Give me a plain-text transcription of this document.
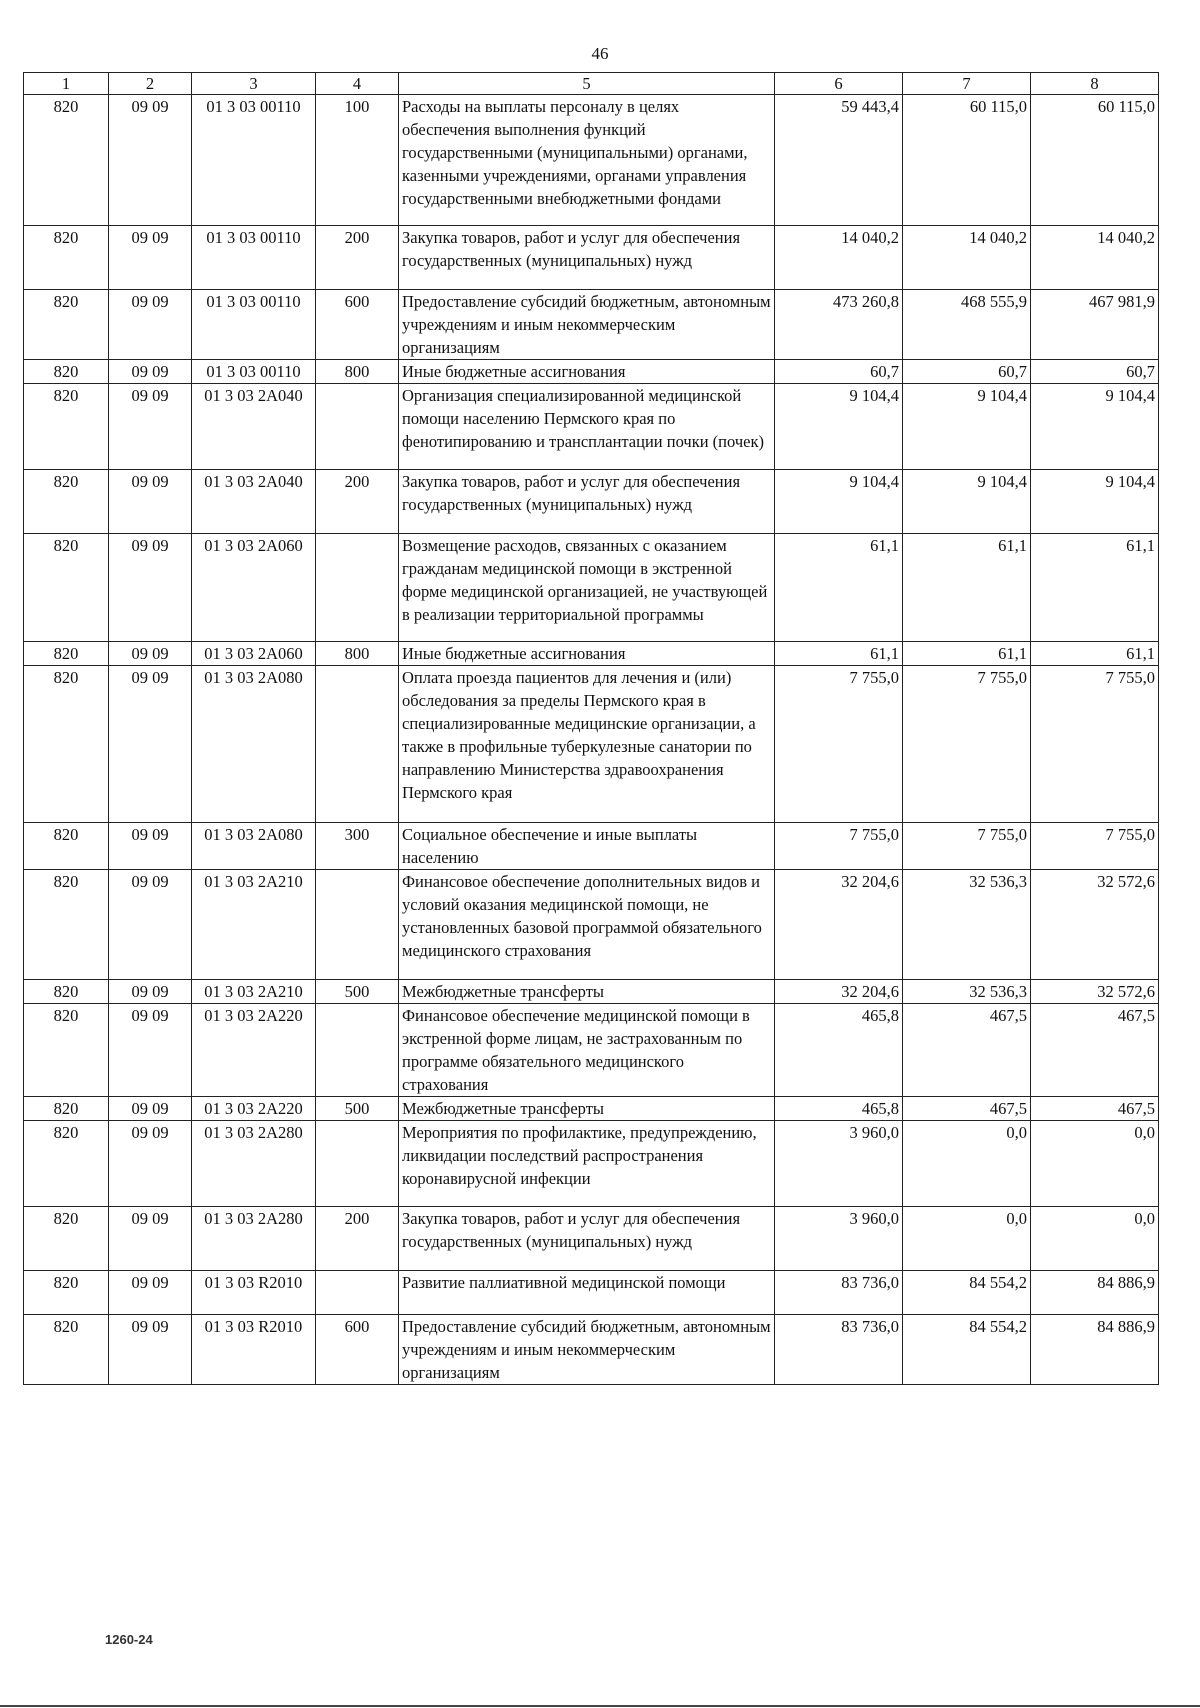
46
1	2	3	4	5	6	7	8
820	09 09	01 3 03 00110	100	Расходы на выплаты персоналу в целях обеспечения выполнения функций государственными (муниципальными) органами, казенными учреждениями, органами управления государственными внебюджетными фондами	59 443,4	60 115,0	60 115,0
820	09 09	01 3 03 00110	200	Закупка товаров, работ и услуг для обеспечения государственных (муниципальных) нужд	14 040,2	14 040,2	14 040,2
820	09 09	01 3 03 00110	600	Предоставление субсидий бюджетным, автономным учреждениям и иным некоммерческим организациям	473 260,8	468 555,9	467 981,9
820	09 09	01 3 03 00110	800	Иные бюджетные ассигнования	60,7	60,7	60,7
820	09 09	01 3 03 2А040		Организация специализированной медицинской помощи населению Пермского края по фенотипированию и трансплантации почки (почек)	9 104,4	9 104,4	9 104,4
820	09 09	01 3 03 2А040	200	Закупка товаров, работ и услуг для обеспечения государственных (муниципальных) нужд	9 104,4	9 104,4	9 104,4
820	09 09	01 3 03 2А060		Возмещение расходов, связанных с оказанием гражданам медицинской помощи в экстренной форме медицинской организацией, не участвующей в реализации территориальной программы	61,1	61,1	61,1
820	09 09	01 3 03 2А060	800	Иные бюджетные ассигнования	61,1	61,1	61,1
820	09 09	01 3 03 2А080		Оплата проезда пациентов для лечения и (или) обследования за пределы Пермского края в специализированные медицинские организации, а также в профильные туберкулезные санатории по направлению Министерства здравоохранения Пермского края	7 755,0	7 755,0	7 755,0
820	09 09	01 3 03 2А080	300	Социальное обеспечение и иные выплаты населению	7 755,0	7 755,0	7 755,0
820	09 09	01 3 03 2А210		Финансовое обеспечение дополнительных видов и условий оказания медицинской помощи, не установленных базовой программой обязательного медицинского страхования	32 204,6	32 536,3	32 572,6
820	09 09	01 3 03 2А210	500	Межбюджетные трансферты	32 204,6	32 536,3	32 572,6
820	09 09	01 3 03 2А220		Финансовое обеспечение медицинской помощи в экстренной форме лицам, не застрахованным по программе обязательного медицинского страхования	465,8	467,5	467,5
820	09 09	01 3 03 2А220	500	Межбюджетные трансферты	465,8	467,5	467,5
820	09 09	01 3 03 2А280		Мероприятия по профилактике, предупреждению, ликвидации последствий распространения коронавирусной инфекции	3 960,0	0,0	0,0
820	09 09	01 3 03 2А280	200	Закупка товаров, работ и услуг для обеспечения государственных (муниципальных) нужд	3 960,0	0,0	0,0
820	09 09	01 3 03 R2010		Развитие паллиативной медицинской помощи	83 736,0	84 554,2	84 886,9
820	09 09	01 3 03 R2010	600	Предоставление субсидий бюджетным, автономным учреждениям и иным некоммерческим организациям	83 736,0	84 554,2	84 886,9
1260-24
